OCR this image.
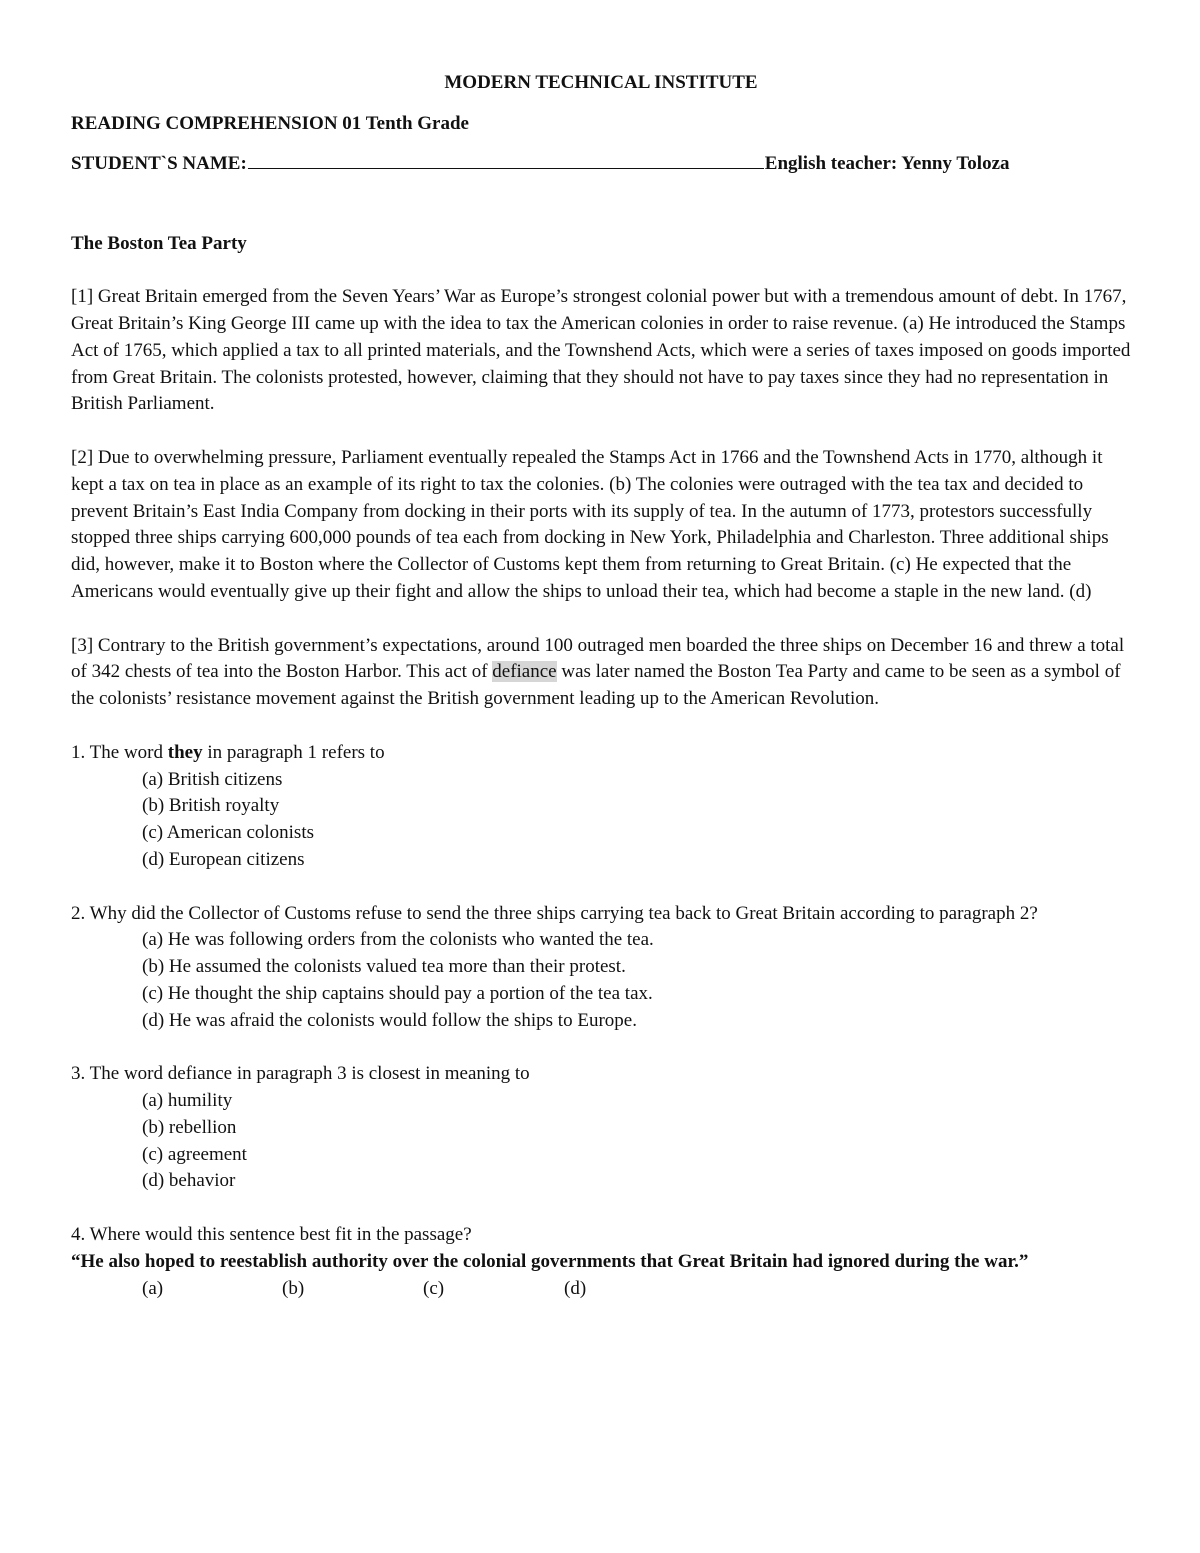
MODERN TECHNICAL INSTITUTE
READING COMPREHENSION 01 Tenth Grade
STUDENT`S NAME:	English teacher: Yenny Toloza
The Boston Tea Party

[1] Great Britain emerged from the Seven Years’ War as Europe’s strongest colonial power but with a tremendous amount of debt. In 1767, Great Britain’s King George III came up with the idea to tax the American colonies in order to raise revenue. (a) He introduced the Stamps Act of 1765, which applied a tax to all printed materials, and the Townshend Acts, which were a series of taxes imposed on goods imported from Great Britain. The colonists protested, however, claiming that they should not have to pay taxes since they had no representation in British Parliament.

[2] Due to overwhelming pressure, Parliament eventually repealed the Stamps Act in 1766 and the Townshend Acts in 1770, although it kept a tax on tea in place as an example of its right to tax the colonies. (b) The colonies were outraged with the tea tax and decided to prevent Britain’s East India Company from docking in their ports with its supply of tea. In the autumn of 1773, protestors successfully stopped three ships carrying 600,000 pounds of tea each from docking in New York, Philadelphia and Charleston. Three additional ships did, however, make it to Boston where the Collector of Customs kept them from returning to Great Britain. (c) He expected that the Americans would eventually give up their fight and allow the ships to unload their tea, which had become a staple in the new land. (d)

[3] Contrary to the British government’s expectations, around 100 outraged men boarded the three ships on December 16 and threw a total of 342 chests of tea into the Boston Harbor. This act of defiance was later named the Boston Tea Party and came to be seen as a symbol of the colonists’ resistance movement against the British government leading up to the American Revolution.

1. The word they in paragraph 1 refers to
(a) British citizens
(b) British royalty
(c) American colonists
(d) European citizens
2. Why did the Collector of Customs refuse to send the three ships carrying tea back to Great Britain according to paragraph 2?
(a) He was following orders from the colonists who wanted the tea.
(b) He assumed the colonists valued tea more than their protest.
(c) He thought the ship captains should pay a portion of the tea tax.
(d) He was afraid the colonists would follow the ships to Europe.
3. The word defiance in paragraph 3 is closest in meaning to
(a) humility
(b) rebellion
(c) agreement
(d) behavior
4. Where would this sentence best fit in the passage?
“He also hoped to reestablish authority over the colonial governments that Great Britain had ignored during the war.”
(a)	(b)	(c)	(d)
